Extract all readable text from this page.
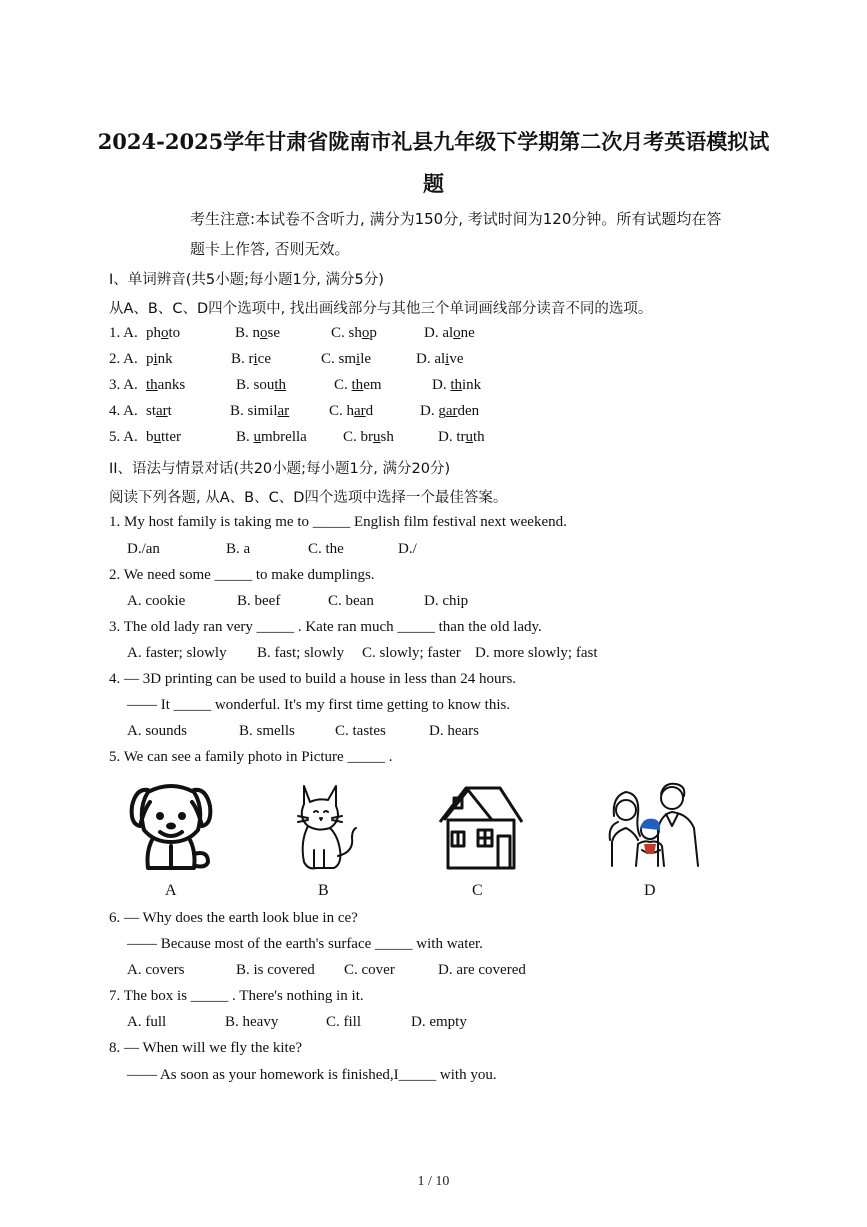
2024-2025学年甘肃省陇南市礼县九年级下学期第二次月考英语模拟试
题
考生注意:本试卷不含听力, 满分为150分, 考试时间为120分钟。所有试题均在答
题卡上作答, 否则无效。
I、单词辨音(共5小题;每小题1分, 满分5分)
从A、B、C、D四个选项中, 找出画线部分与其他三个单词画线部分读音不同的选项。
1. A. photo	B. nose	C. shop	D. alone
2. A. pink	B. rice	C. smile	D. alive
3. A. thanks	B. south	C. them	D. think
4. A. start	B. similar	C. hard	D. garden
5. A. butter	B. umbrella C. brush	D. truth
II、语法与情景对话(共20小题;每小题1分, 满分20分)
阅读下列各题, 从A、B、C、D四个选项中选择一个最佳答案。
1. My host family is taking me to _____ English film festival next weekend.
D./an	B. a	C. the	D./
2. We need some _____ to make dumplings.
A. cookie	B. beef	C. bean	D. chip
3. The old lady ran very _____ . Kate ran much _____ than the old lady.
A. faster; slowly B. fast; slowly C. slowly; faster D. more slowly; fast
4. — 3D printing can be used to build a house in less than 24 hours.
—— It _____ wonderful. It's my first time getting to know this.
A. sounds	B. smells	C. tastes	D. hears
5. We can see a family photo in Picture _____ .
A	B	C	D
6. — Why does the earth look blue in ce?
—— Because most of the earth's surface _____ with water.
A. covers	B. is covered C. cover	D. are covered
7. The box is _____ . There's nothing in it.
A. full	B. heavy	C. fill	D. empty
8. — When will we fly the kite?
—— As soon as your homework is finished,I_____ with you.
1 / 10
